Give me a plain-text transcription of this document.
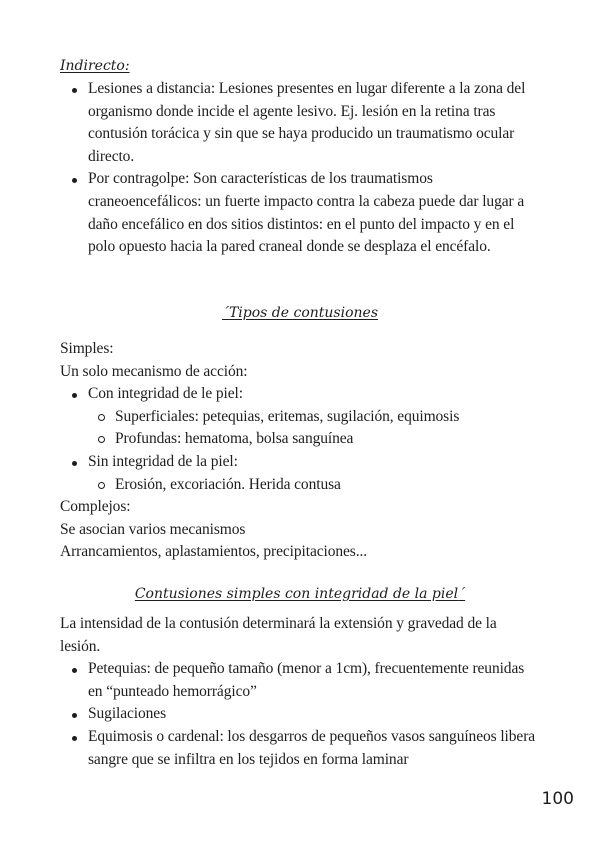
Indirecto:
Lesiones a distancia: Lesiones presentes en lugar diferente a la zona del organismo donde incide el agente lesivo. Ej. lesión en la retina tras contusión torácica y sin que se haya producido un traumatismo ocular directo.
Por contragolpe: Son características de los traumatismos craneoencefálicos: un fuerte impacto contra la cabeza puede dar lugar a daño encefálico en dos sitios distintos: en el punto del impacto y en el polo opuesto hacia la pared craneal donde se desplaza el encéfalo.
´Tipos de contusiones
Simples:
Un solo mecanismo de acción:
Con integridad de le piel:
Superficiales: petequias, eritemas, sugilación, equimosis
Profundas: hematoma, bolsa sanguínea
Sin integridad de la piel:
Erosión, excoriación. Herida contusa
Complejos:
Se asocian varios mecanismos
Arrancamientos, aplastamientos, precipitaciones...
Contusiones simples con integridad de la piel´
La intensidad de la contusión determinará la extensión y gravedad de la lesión.
Petequias: de pequeño tamaño (menor a 1cm), frecuentemente reunidas en “punteado hemorrágico”
Sugilaciones
Equimosis o cardenal: los desgarros de pequeños vasos sanguíneos libera sangre que se infiltra en los tejidos en forma laminar
100
